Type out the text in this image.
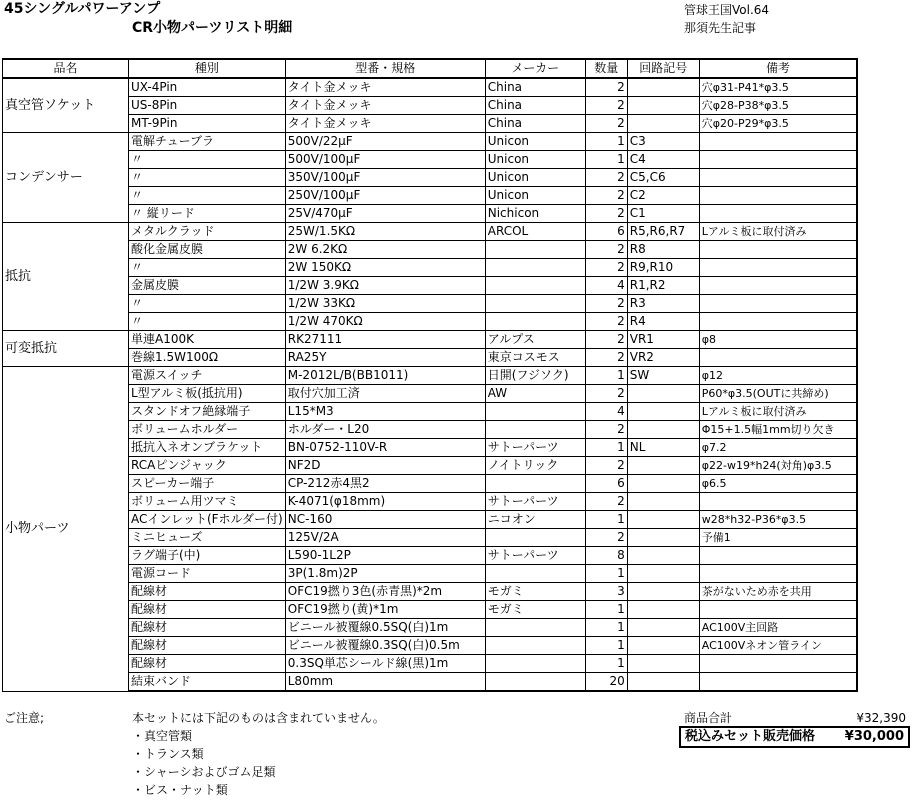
45シングルパワーアンプ
CR小物パーツリスト明細
管球王国Vol.64
那須先生記事
品名	種別	型番・規格	メーカー	数量	回路記号	備考
真空管ソケット	UX-4Pin	タイト金メッキ	China	2		穴φ31-P41*φ3.5
	US-8Pin	タイト金メッキ	China	2		穴φ28-P38*φ3.5
	MT-9Pin	タイト金メッキ	China	2		穴φ20-P29*φ3.5
コンデンサー	電解チューブラ	500V/22μF	Unicon	1	C3	
	〃	500V/100μF	Unicon	1	C4	
	〃	350V/100μF	Unicon	2	C5,C6	
	〃	250V/100μF	Unicon	2	C2	
	〃 縦リード	25V/470μF	Nichicon	2	C1	
抵抗	メタルクラッド	25W/1.5KΩ	ARCOL	6	R5,R6,R7	Lアルミ板に取付済み
	酸化金属皮膜	2W 6.2KΩ		2	R8	
	〃	2W 150KΩ		2	R9,R10	
	金属皮膜	1/2W 3.9KΩ		4	R1,R2	
	〃	1/2W 33KΩ		2	R3	
	〃	1/2W 470KΩ		2	R4	
可変抵抗	単連A100K	RK27111	アルプス	2	VR1	φ8
	巻線1.5W100Ω	RA25Y	東京コスモス	2	VR2	
小物パーツ	電源スイッチ	M-2012L/B(BB1011)	日開(フジソク)	1	SW	φ12
	L型アルミ板(抵抗用)	取付穴加工済	AW	2		P60*φ3.5(OUTに共締め)
	スタンドオフ絶縁端子	L15*M3		4		Lアルミ板に取付済み
	ボリュームホルダー	ホルダー・L20		2		Φ15+1.5幅1mm切り欠き
	抵抗入ネオンブラケット	BN-0752-110V-R	サトーパーツ	1	NL	φ7.2
	RCAピンジャック	NF2D	ノイトリック	2		φ22-w19*h24(対角)φ3.5
	スピーカー端子	CP-212赤4黒2		6		φ6.5
	ボリューム用ツマミ	K-4071(φ18mm)	サトーパーツ	2		
	ACインレット(Fホルダー付)	NC-160	ニコオン	1		w28*h32-P36*φ3.5
	ミニヒューズ	125V/2A		2		予備1
	ラグ端子(中)	L590-1L2P	サトーパーツ	8		
	電源コード	3P(1.8m)2P		1		
	配線材	OFC19撚り3色(赤青黒)*2m	モガミ	3		茶がないため赤を共用
	配線材	OFC19撚り(黄)*1m	モガミ	1		
	配線材	ビニール被覆線0.5SQ(白)1m		1		AC100V主回路
	配線材	ビニール被覆線0.3SQ(白)0.5m		1		AC100Vネオン管ライン
	配線材	0.3SQ単芯シールド線(黒)1m		1		
	結束バンド	L80mm		20		
ご注意;	本セットには下記のものは含まれていません。
・真空管類
・トランス類
・シャーシおよびゴム足類
・ビス・ナット類
商品合計	¥32,390
税込みセット販売価格 ¥30,000
